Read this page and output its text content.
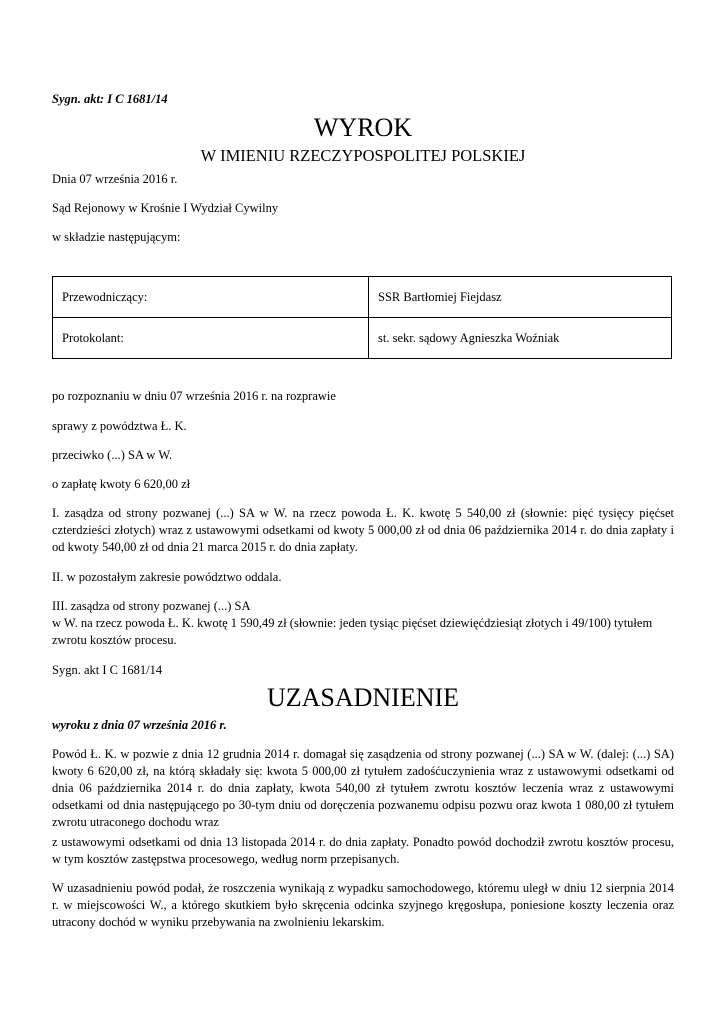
Sygn. akt: I C 1681/14
WYROK
W IMIENIU RZECZYPOSPOLITEJ POLSKIEJ
Dnia 07 września 2016 r.
Sąd Rejonowy w Krośnie I Wydział Cywilny
w składzie następującym:
Przewodniczący:	SSR Bartłomiej Fiejdasz
Protokolant:	st. sekr. sądowy Agnieszka Woźniak
po rozpoznaniu w dniu 07 września 2016 r. na rozprawie
sprawy z powództwa Ł. K.
przeciwko (...) SA w W.
o zapłatę kwoty 6 620,00 zł
I. zasądza od strony pozwanej (...) SA w W. na rzecz powoda Ł. K. kwotę 5 540,00 zł (słownie: pięć tysięcy pięćset czterdzieści złotych) wraz z ustawowymi odsetkami od kwoty 5 000,00 zł od dnia 06 października 2014 r. do dnia zapłaty i od kwoty 540,00 zł od dnia 21 marca 2015 r. do dnia zapłaty.
II. w pozostałym zakresie powództwo oddala.
III. zasądza od strony pozwanej (...) SA
w W. na rzecz powoda Ł. K. kwotę 1 590,49 zł (słownie: jeden tysiąc pięćset dziewięćdziesiąt złotych i 49/100) tytułem zwrotu kosztów procesu.
Sygn. akt I C 1681/14
UZASADNIENIE
wyroku z dnia 07 września 2016 r.
Powód Ł. K. w pozwie z dnia 12 grudnia 2014 r. domagał się zasądzenia od strony pozwanej (...) SA w W. (dalej: (...) SA) kwoty 6 620,00 zł, na którą składały się: kwota 5 000,00 zł tytułem zadośćuczynienia wraz z ustawowymi odsetkami od dnia 06 października 2014 r. do dnia zapłaty, kwota 540,00 zł tytułem zwrotu kosztów leczenia wraz z ustawowymi odsetkami od dnia następującego po 30-tym dniu od doręczenia pozwanemu odpisu pozwu oraz kwota 1 080,00 zł tytułem zwrotu utraconego dochodu wraz
z ustawowymi odsetkami od dnia 13 listopada 2014 r. do dnia zapłaty. Ponadto powód dochodził zwrotu kosztów procesu, w tym kosztów zastępstwa procesowego, według norm przepisanych.
W uzasadnieniu powód podał, że roszczenia wynikają z wypadku samochodowego, któremu uległ w dniu 12 sierpnia 2014 r. w miejscowości W., a którego skutkiem było skręcenia odcinka szyjnego kręgosłupa, poniesione koszty leczenia oraz utracony dochód w wyniku przebywania na zwolnieniu lekarskim.
